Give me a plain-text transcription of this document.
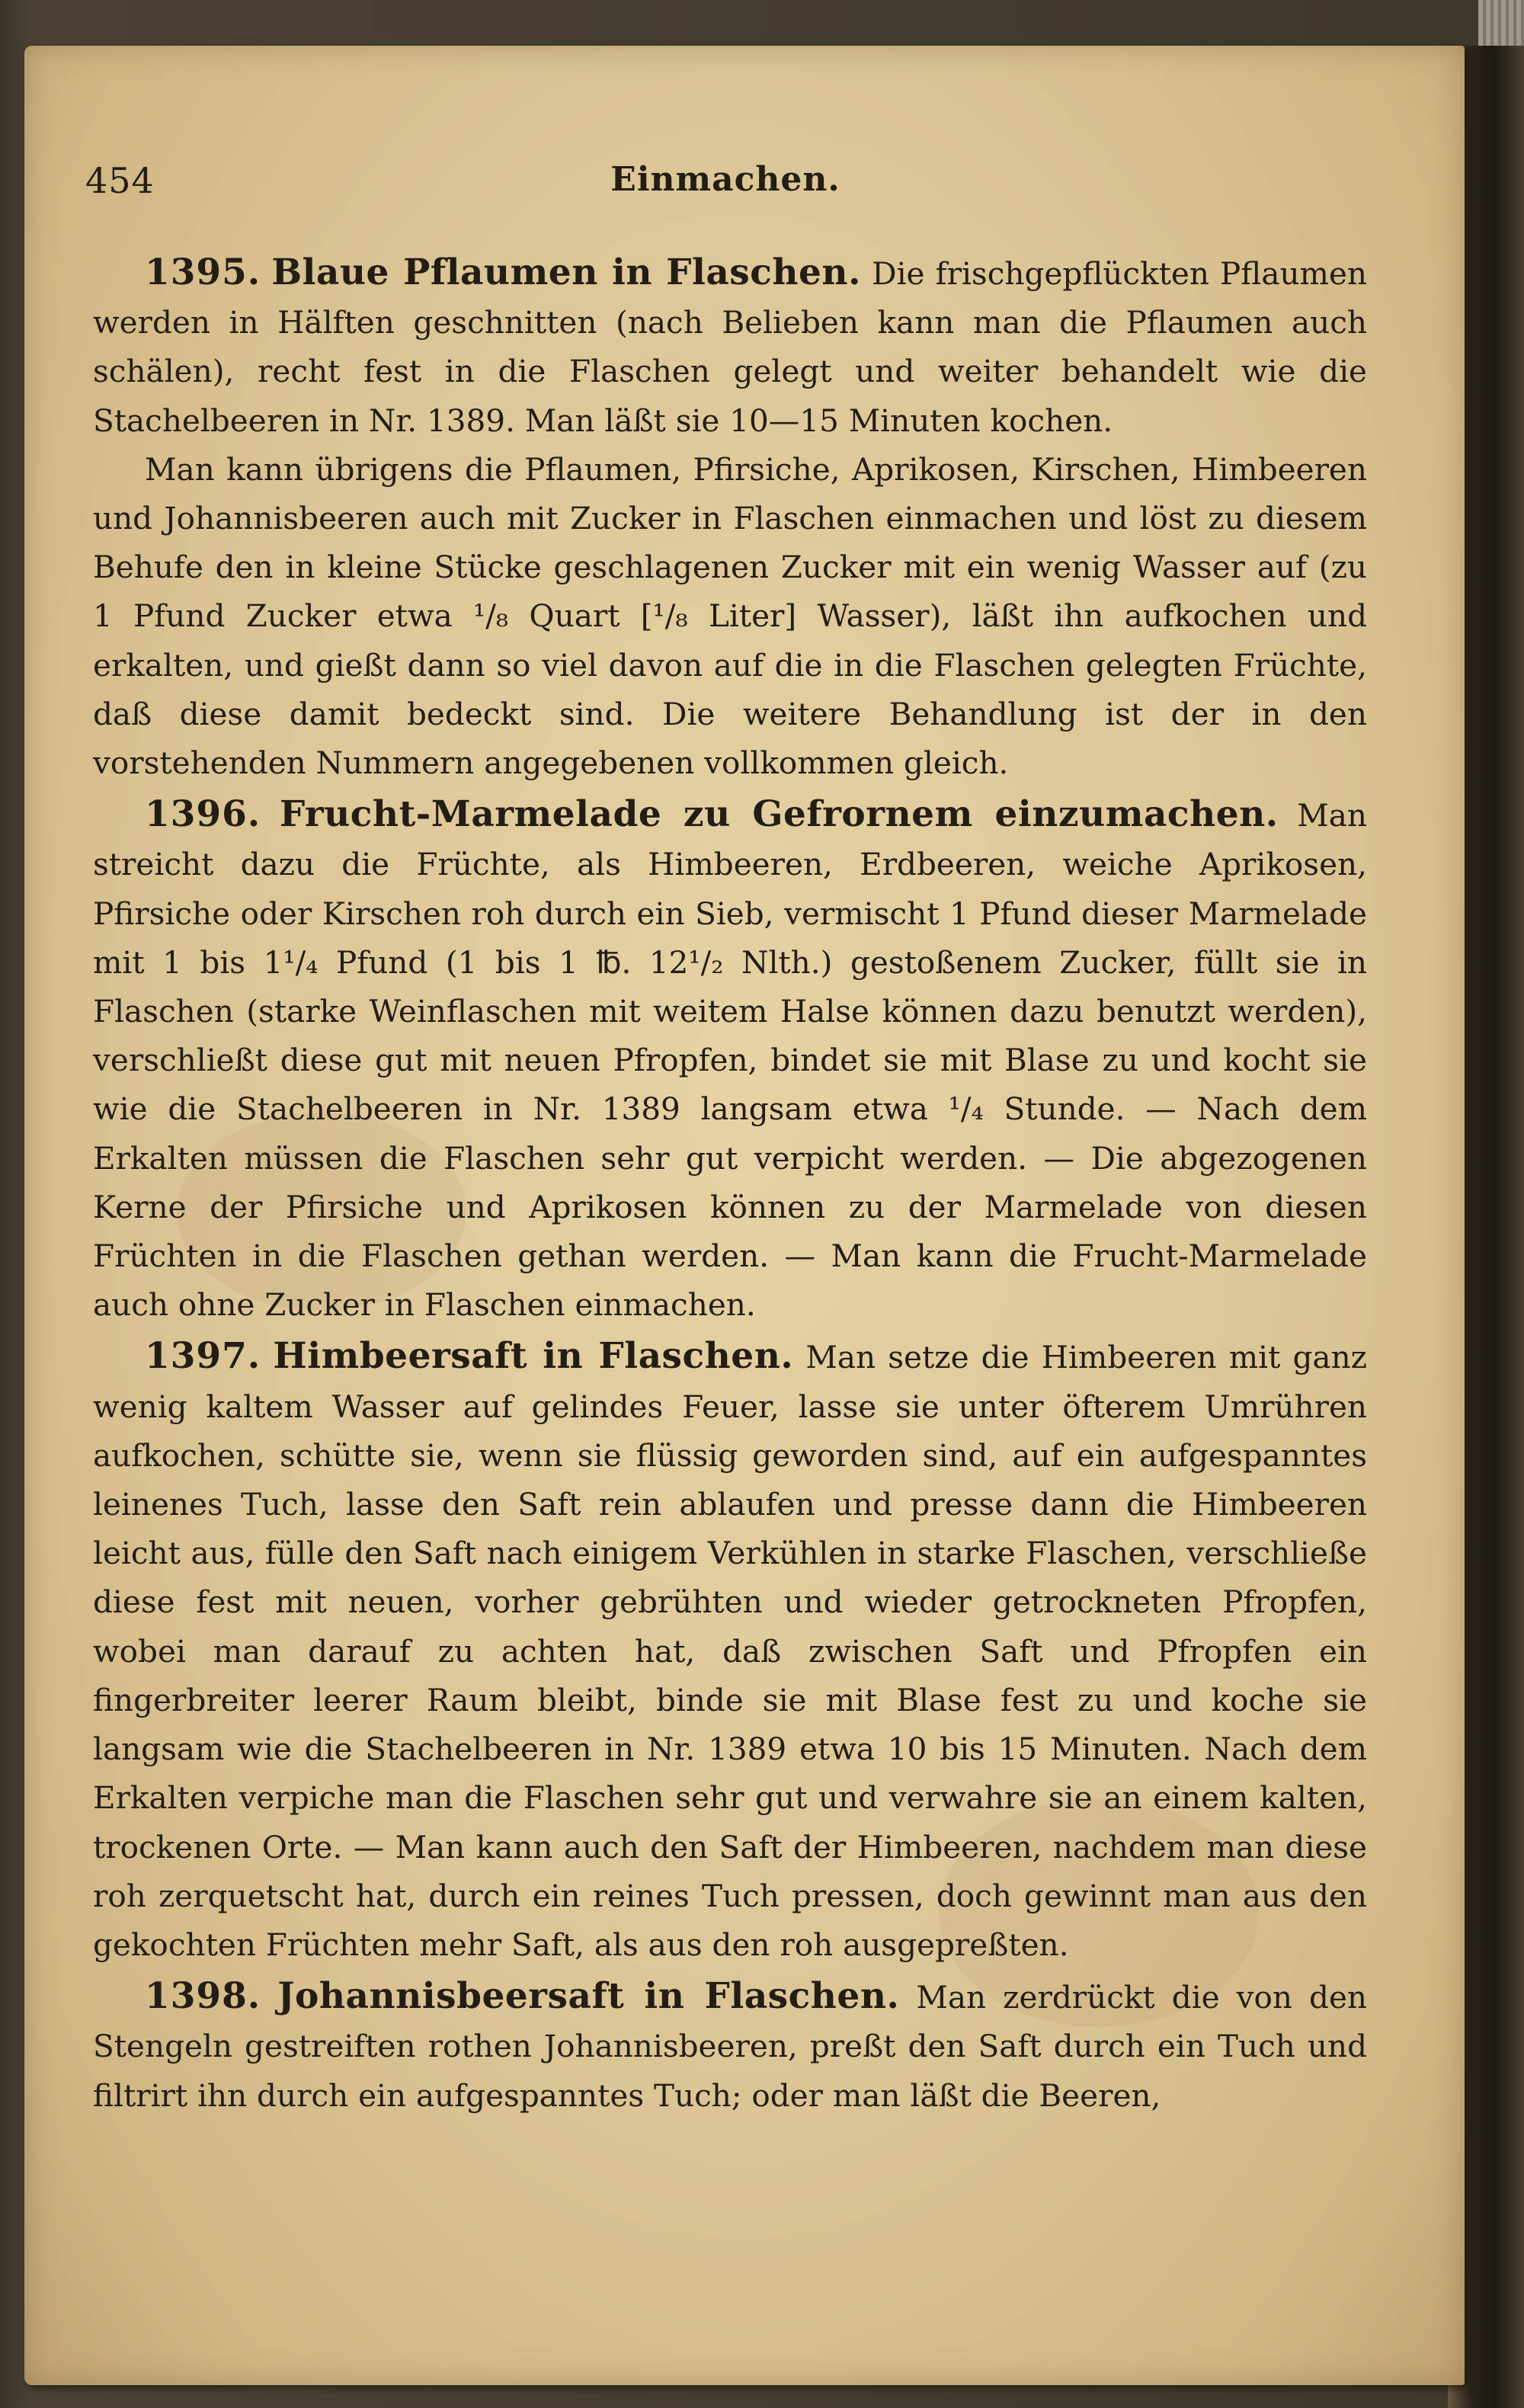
454	Einmachen.

1395. Blaue Pflaumen in Flaschen. Die frischgepflückten Pflaumen werden in Hälften geschnitten (nach Belieben kann man die Pflaumen auch schälen), recht fest in die Flaschen gelegt und weiter behandelt wie die Stachelbeeren in Nr. 1389. Man läßt sie 10—15 Minuten kochen.

Man kann übrigens die Pflaumen, Pfirsiche, Aprikosen, Kirschen, Himbeeren und Johannisbeeren auch mit Zucker in Flaschen einmachen und löst zu diesem Behufe den in kleine Stücke geschlagenen Zucker mit ein wenig Wasser auf (zu 1 Pfund Zucker etwa ¹/₈ Quart [¹/₈ Liter] Wasser), läßt ihn aufkochen und erkalten, und gießt dann so viel davon auf die in die Flaschen gelegten Früchte, daß diese damit bedeckt sind. Die weitere Behandlung ist der in den vorstehenden Nummern angegebenen vollkommen gleich.

1396. Frucht-Marmelade zu Gefrornem einzumachen. Man streicht dazu die Früchte, als Himbeeren, Erdbeeren, weiche Aprikosen, Pfirsiche oder Kirschen roh durch ein Sieb, vermischt 1 Pfund dieser Marmelade mit 1 bis 1¹/₄ Pfund (1 bis 1 ℔. 12¹/₂ Nlth.) gestoßenem Zucker, füllt sie in Flaschen (starke Weinflaschen mit weitem Halse können dazu benutzt werden), verschließt diese gut mit neuen Pfropfen, bindet sie mit Blase zu und kocht sie wie die Stachelbeeren in Nr. 1389 langsam etwa ¹/₄ Stunde. — Nach dem Erkalten müssen die Flaschen sehr gut verpicht werden. — Die abgezogenen Kerne der Pfirsiche und Aprikosen können zu der Marmelade von diesen Früchten in die Flaschen gethan werden. — Man kann die Frucht-Marmelade auch ohne Zucker in Flaschen einmachen.

1397. Himbeersaft in Flaschen. Man setze die Himbeeren mit ganz wenig kaltem Wasser auf gelindes Feuer, lasse sie unter öfterem Umrühren aufkochen, schütte sie, wenn sie flüssig geworden sind, auf ein aufgespanntes leinenes Tuch, lasse den Saft rein ablaufen und presse dann die Himbeeren leicht aus, fülle den Saft nach einigem Verkühlen in starke Flaschen, verschließe diese fest mit neuen, vorher gebrühten und wieder getrockneten Pfropfen, wobei man darauf zu achten hat, daß zwischen Saft und Pfropfen ein fingerbreiter leerer Raum bleibt, binde sie mit Blase fest zu und koche sie langsam wie die Stachelbeeren in Nr. 1389 etwa 10 bis 15 Minuten. Nach dem Erkalten verpiche man die Flaschen sehr gut und verwahre sie an einem kalten, trockenen Orte. — Man kann auch den Saft der Himbeeren, nachdem man diese roh zerquetscht hat, durch ein reines Tuch pressen, doch gewinnt man aus den gekochten Früchten mehr Saft, als aus den roh ausgepreßten.

1398. Johannisbeersaft in Flaschen. Man zerdrückt die von den Stengeln gestreiften rothen Johannisbeeren, preßt den Saft durch ein Tuch und filtrirt ihn durch ein aufgespanntes Tuch; oder man läßt die Beeren,
